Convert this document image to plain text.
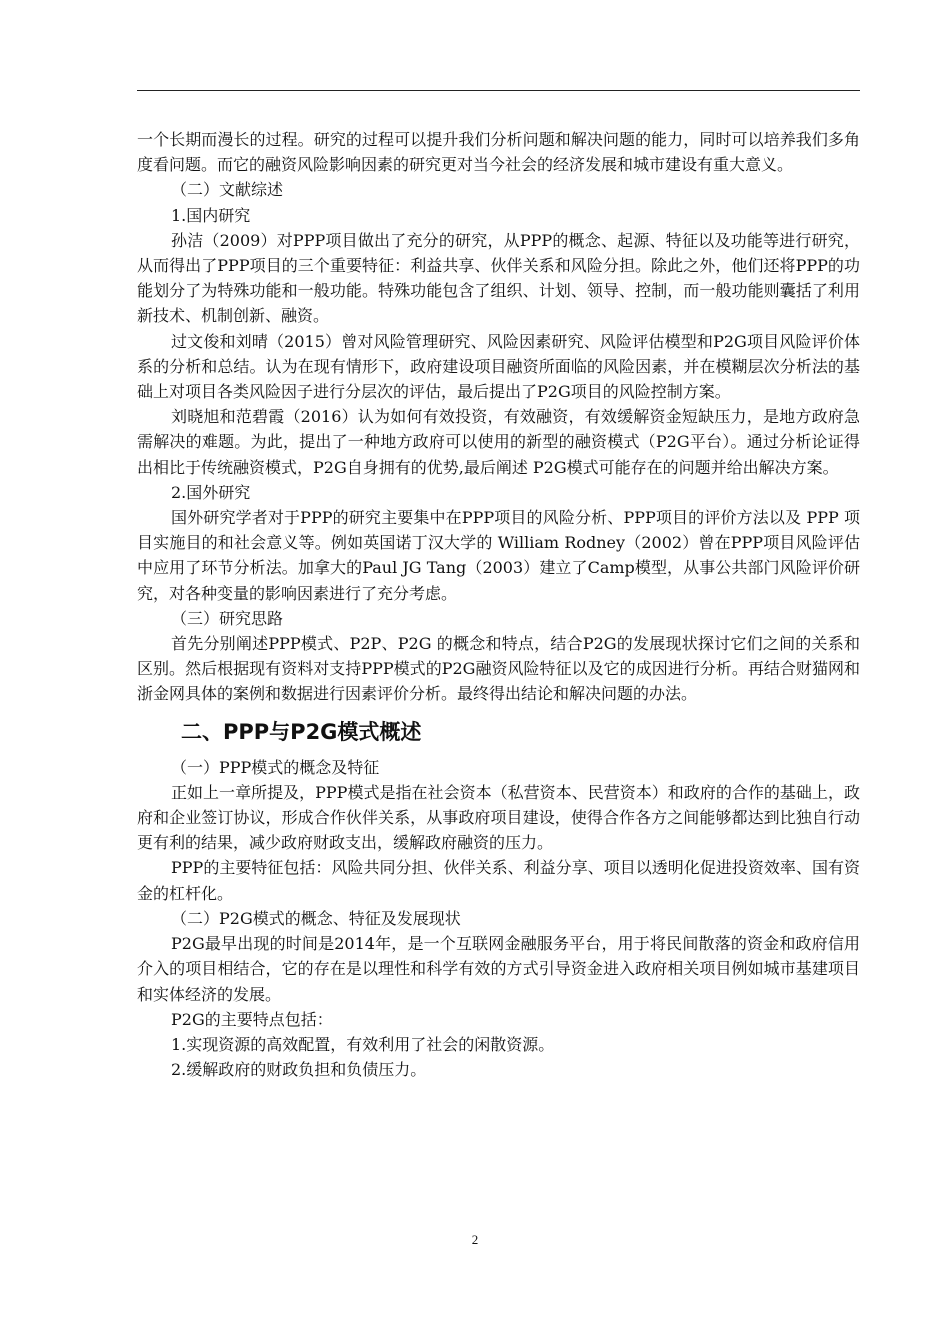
一个长期而漫长的过程。研究的过程可以提升我们分析问题和解决问题的能力，同时可以培养我们多角度看问题。而它的融资风险影响因素的研究更对当今社会的经济发展和城市建设有重大意义。

（二）文献综述

1.国内研究

孙洁（2009）对PPP项目做出了充分的研究，从PPP的概念、起源、特征以及功能等进行研究，从而得出了PPP项目的三个重要特征：利益共享、伙伴关系和风险分担。除此之外，他们还将PPP的功能划分了为特殊功能和一般功能。特殊功能包含了组织、计划、领导、控制，而一般功能则囊括了利用新技术、机制创新、融资。

过文俊和刘晴（2015）曾对风险管理研究、风险因素研究、风险评估模型和P2G项目风险评价体系的分析和总结。认为在现有情形下，政府建设项目融资所面临的风险因素，并在模糊层次分析法的基础上对项目各类风险因子进行分层次的评估，最后提出了P2G项目的风险控制方案。

刘晓旭和范碧霞（2016）认为如何有效投资，有效融资，有效缓解资金短缺压力，是地方政府急需解决的难题。为此，提出了一种地方政府可以使用的新型的融资模式（P2G平台）。通过分析论证得出相比于传统融资模式，P2G自身拥有的优势,最后阐述 P2G模式可能存在的问题并给出解决方案。

2.国外研究

国外研究学者对于PPP的研究主要集中在PPP项目的风险分析、PPP项目的评价方法以及 PPP 项目实施目的和社会意义等。例如英国诺丁汉大学的 William Rodney（2002）曾在PPP项目风险评估中应用了环节分析法。加拿大的Paul JG Tang（2003）建立了Camp模型，从事公共部门风险评价研究，对各种变量的影响因素进行了充分考虑。

（三）研究思路

首先分别阐述PPP模式、P2P、P2G 的概念和特点，结合P2G的发展现状探讨它们之间的关系和区别。然后根据现有资料对支持PPP模式的P2G融资风险特征以及它的成因进行分析。再结合财猫网和浙金网具体的案例和数据进行因素评价分析。最终得出结论和解决问题的办法。

二、PPP与P2G模式概述

（一）PPP模式的概念及特征

正如上一章所提及，PPP模式是指在社会资本（私营资本、民营资本）和政府的合作的基础上，政府和企业签订协议，形成合作伙伴关系，从事政府项目建设，使得合作各方之间能够都达到比独自行动更有利的结果，减少政府财政支出，缓解政府融资的压力。

PPP的主要特征包括：风险共同分担、伙伴关系、利益分享、项目以透明化促进投资效率、国有资金的杠杆化。

（二）P2G模式的概念、特征及发展现状

P2G最早出现的时间是2014年，是一个互联网金融服务平台，用于将民间散落的资金和政府信用介入的项目相结合，它的存在是以理性和科学有效的方式引导资金进入政府相关项目例如城市基建项目和实体经济的发展。

P2G的主要特点包括：

1.实现资源的高效配置，有效利用了社会的闲散资源。

2.缓解政府的财政负担和负债压力。

2
